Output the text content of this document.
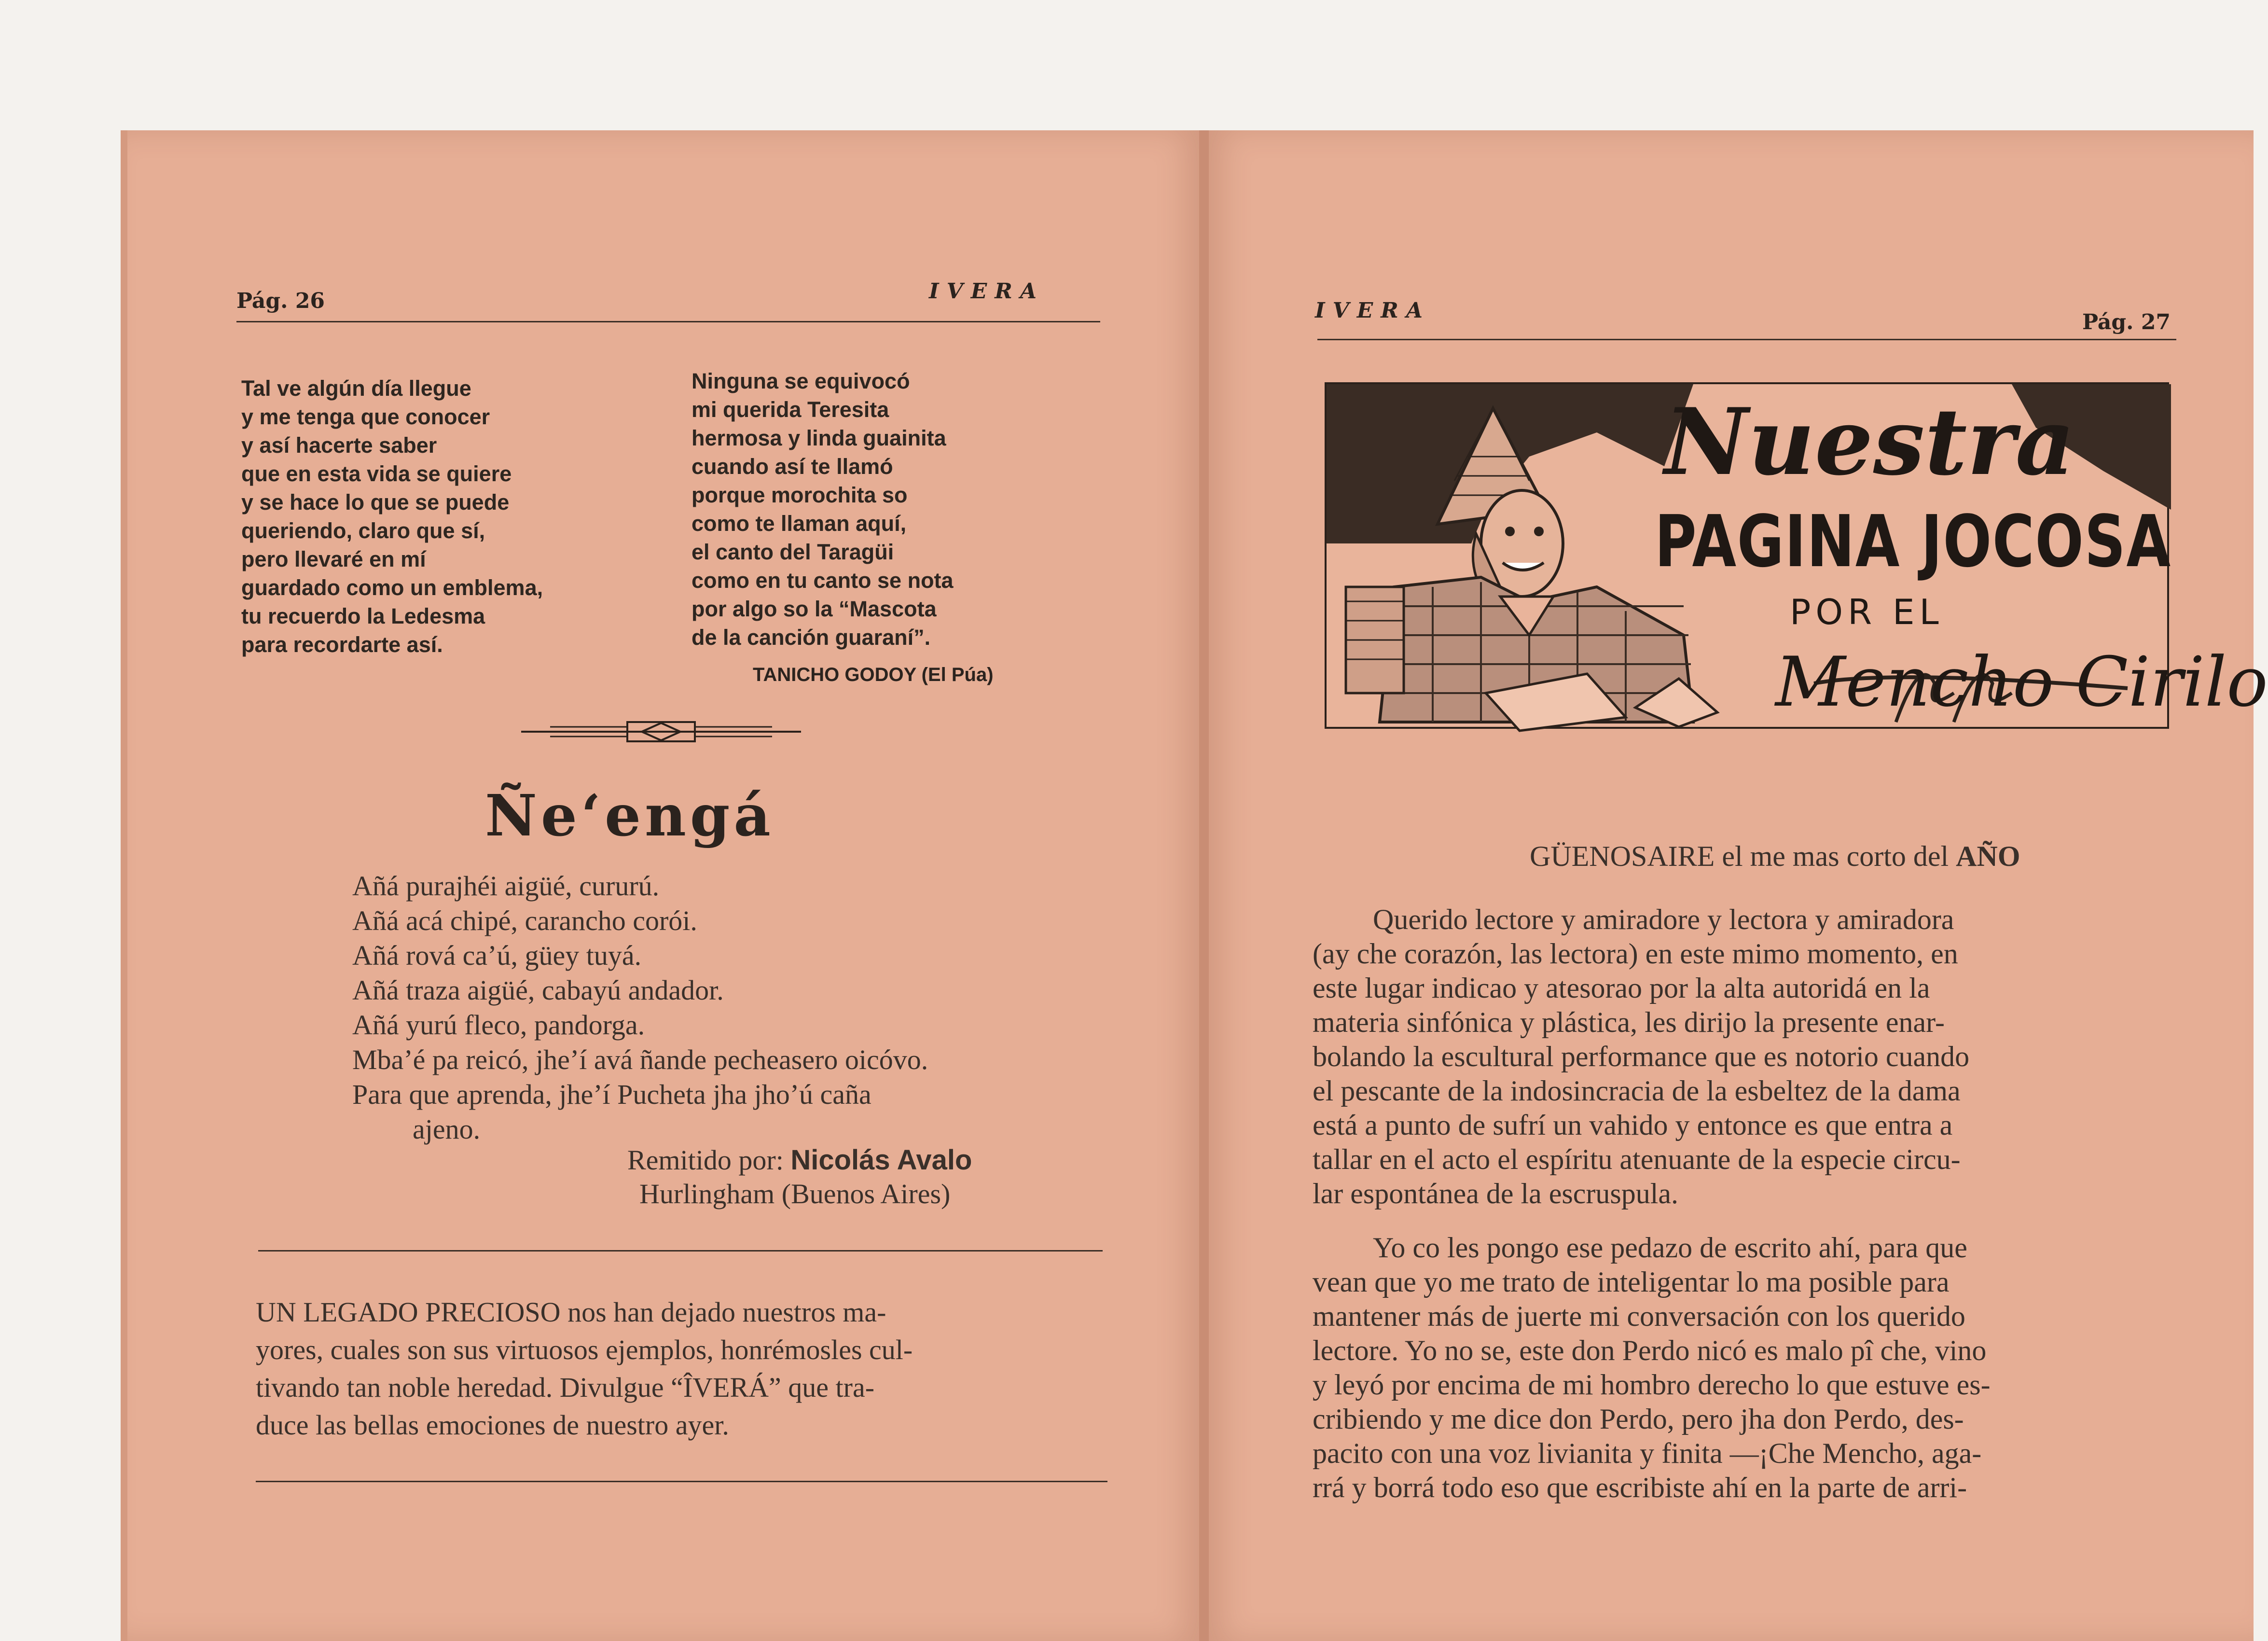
Pág. 26	IVERA
Tal ve algún día llegue
y me tenga que conocer
y así hacerte saber
que en esta vida se quiere
y se hace lo que se puede
queriendo, claro que sí,
pero llevaré en mí
guardado como un emblema,
tu recuerdo la Ledesma
para recordarte así.
Ninguna se equivocó
mi querida Teresita
hermosa y linda guainita
cuando así te llamó
porque morochita so
como te llaman aquí,
el canto del Taragüi
como en tu canto se nota
por algo so la “Mascota
de la canción guaraní”.
TANICHO GODOY (El Púa)
Ñe‘engá
Añá purajhéi aigüé, cururú.
Añá acá chipé, carancho corói.
Añá rová ca’ú, güey tuyá.
Añá traza aigüé, cabayú andador.
Añá yurú fleco, pandorga.
Mba’é pa reicó, jhe’í avá ñande pecheasero oicóvo.
Para que aprenda, jhe’í Pucheta jha jho’ú caña
ajeno.
Remitido por: Nicolás Avalo
Hurlingham (Buenos Aires)
UN LEGADO PRECIOSO nos han dejado nuestros ma-
yores, cuales son sus virtuosos ejemplos, honrémosles cul-
tivando tan noble heredad. Divulgue “ÎVERÁ” que tra-
duce las bellas emociones de nuestro ayer.
IVERA	Pág. 27
Nuestra
PAGINA JOCOSA
POR EL
Mencho Cirilo
GÜENOSAIRE el me mas corto del AÑO
Querido lectore y amiradore y lectora y amiradora
(ay che corazón, las lectora) en este mimo momento, en
este lugar indicao y atesorao por la alta autoridá en la
materia sinfónica y plástica, les dirijo la presente enar-
bolando la escultural performance que es notorio cuando
el pescante de la indosincracia de la esbeltez de la dama
está a punto de sufrí un vahido y entonce es que entra a
tallar en el acto el espíritu atenuante de la especie circu-
lar espontánea de la escruspula.
Yo co les pongo ese pedazo de escrito ahí, para que
vean que yo me trato de inteligentar lo ma posible para
mantener más de juerte mi conversación con los querido
lectore. Yo no se, este don Perdo nicó es malo pî che, vino
y leyó por encima de mi hombro derecho lo que estuve es-
cribiendo y me dice don Perdo, pero jha don Perdo, des-
pacito con una voz livianita y finita —¡Che Mencho, aga-
rrá y borrá todo eso que escribiste ahí en la parte de arri-
